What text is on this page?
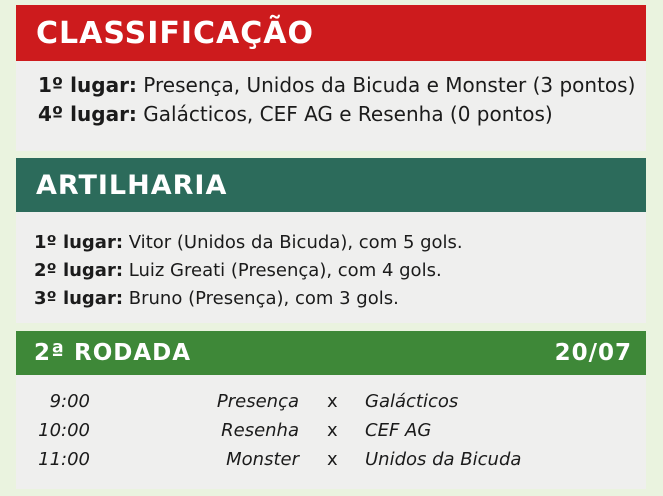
CLASSIFICAÇÃO
1º lugar: Presença, Unidos da Bicuda e Monster (3 pontos)
4º lugar: Galácticos, CEF AG e Resenha (0 pontos)
ARTILHARIA
1º lugar: Vitor (Unidos da Bicuda), com 5 gols.
2º lugar: Luiz Greati (Presença), com 4 gols.
3º lugar: Bruno (Presença), com 3 gols.
2ª RODADA	20/07
9:00	Presença x Galácticos
10:00	Resenha x CEF AG
11:00	Monster x Unidos da Bicuda
